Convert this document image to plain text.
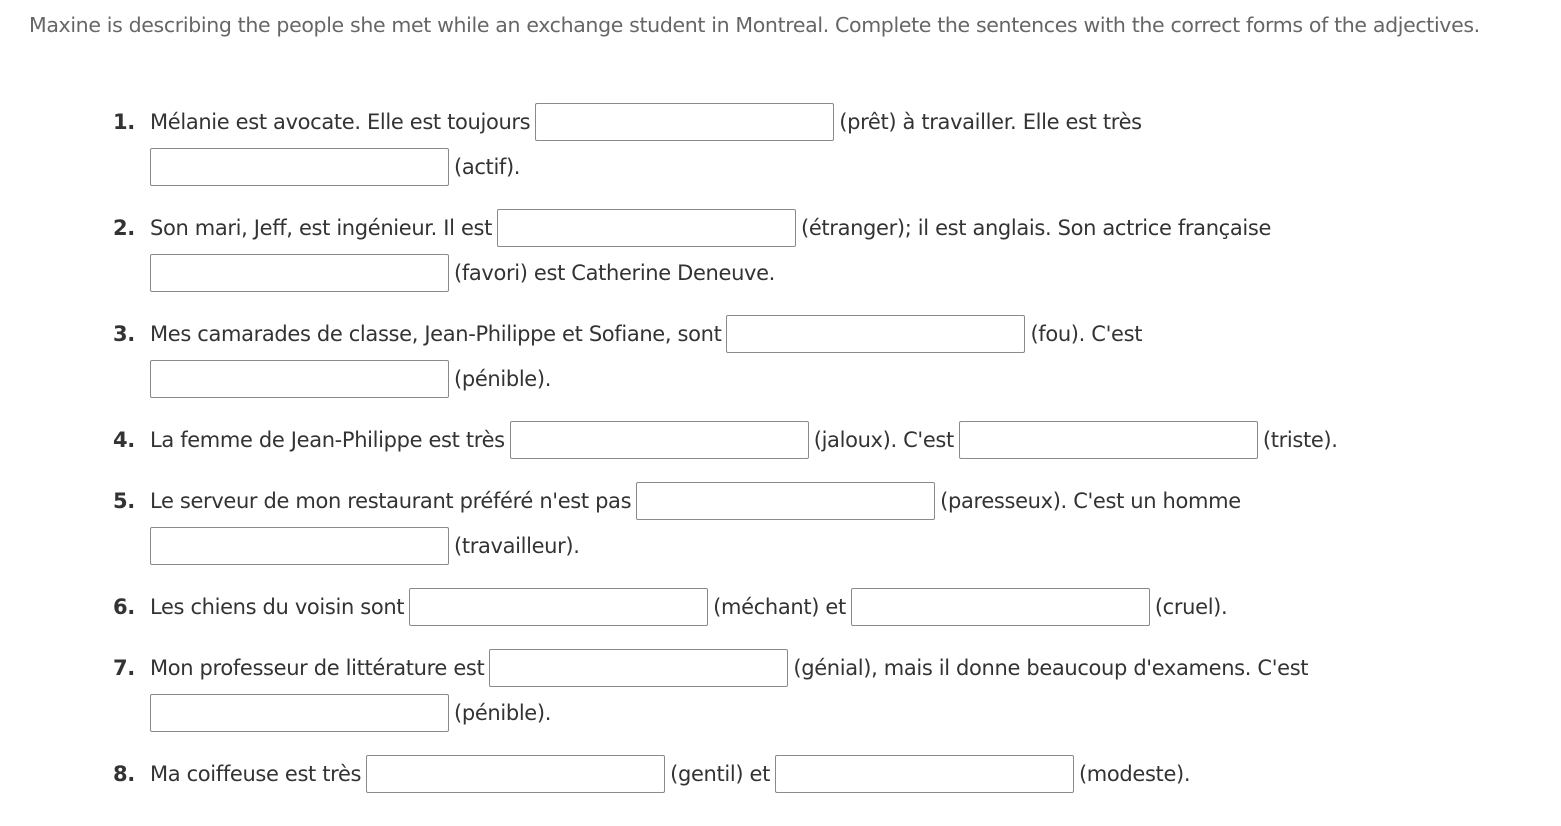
Maxine is describing the people she met while an exchange student in Montreal. Complete the sentences with the correct forms of the adjectives.
1. Mélanie est avocate. Elle est toujours	(prêt) à travailler. Elle est très
(actif).
2. Son mari, Jeff, est ingénieur. Il est	(étranger); il est anglais. Son actrice française
(favori) est Catherine Deneuve.
3. Mes camarades de classe, Jean-Philippe et Sofiane, sont	(fou). C'est
(pénible).
4. La femme de Jean-Philippe est très	(jaloux). C'est	(triste).
5. Le serveur de mon restaurant préféré n'est pas	(paresseux). C'est un homme
(travailleur).
6. Les chiens du voisin sont	(méchant) et	(cruel).
7. Mon professeur de littérature est	(génial), mais il donne beaucoup d'examens. C'est
(pénible).
8. Ma coiffeuse est très	(gentil) et	(modeste).
